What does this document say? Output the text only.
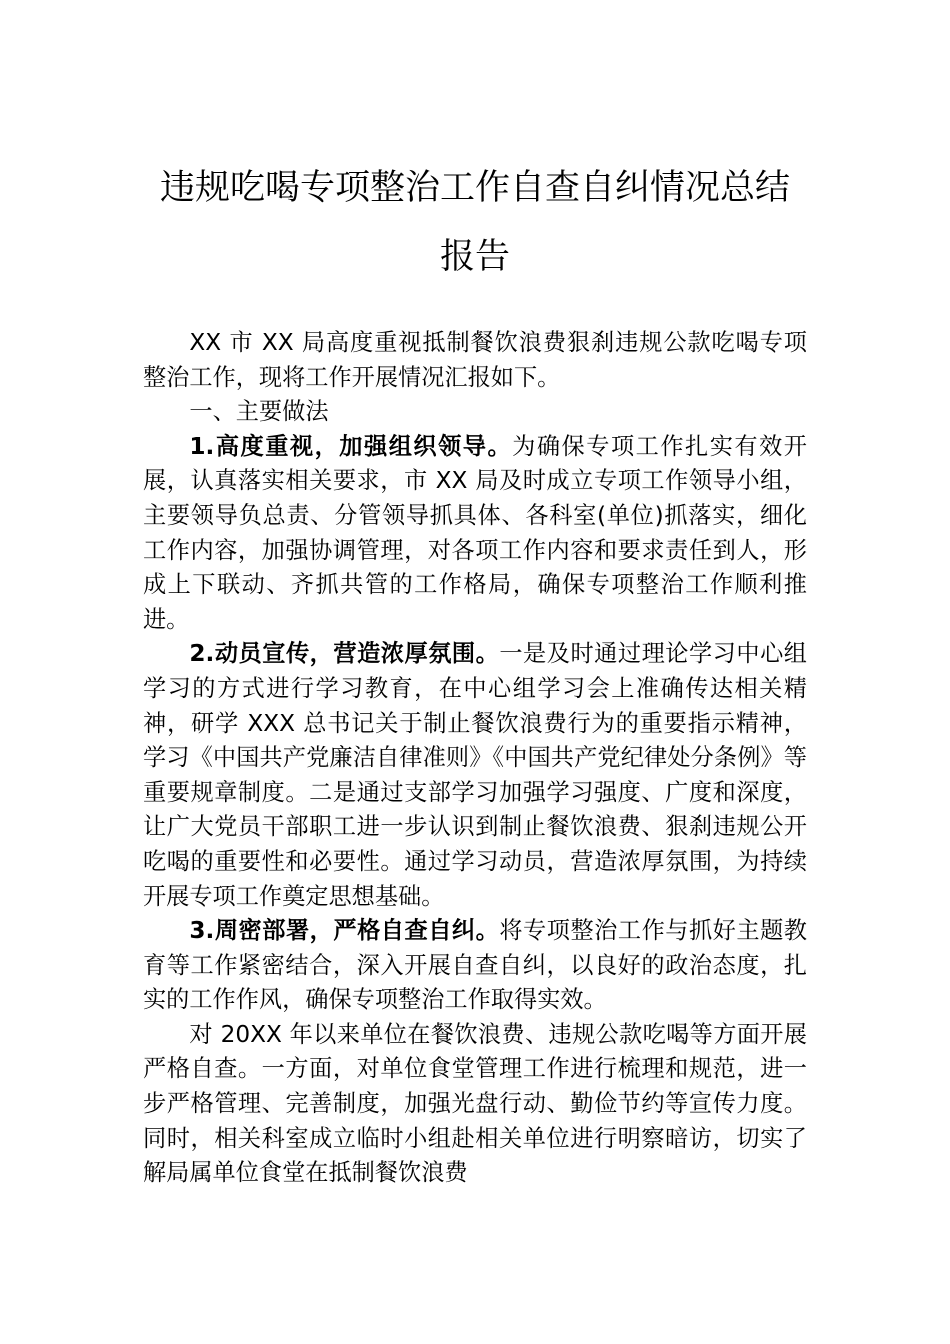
违规吃喝专项整治工作自查自纠情况总结
报告

XX 市 XX 局高度重视抵制餐饮浪费狠刹违规公款吃喝专项整治工作，现将工作开展情况汇报如下。

一、主要做法

1.高度重视，加强组织领导。为确保专项工作扎实有效开展，认真落实相关要求，市 XX 局及时成立专项工作领导小组，主要领导负总责、分管领导抓具体、各科室(单位)抓落实，细化工作内容，加强协调管理，对各项工作内容和要求责任到人，形成上下联动、齐抓共管的工作格局，确保专项整治工作顺利推进。

2.动员宣传，营造浓厚氛围。一是及时通过理论学习中心组学习的方式进行学习教育，在中心组学习会上准确传达相关精神，研学 XXX 总书记关于制止餐饮浪费行为的重要指示精神，学习《中国共产党廉洁自律准则》《中国共产党纪律处分条例》等重要规章制度。二是通过支部学习加强学习强度、广度和深度，让广大党员干部职工进一步认识到制止餐饮浪费、狠刹违规公开吃喝的重要性和必要性。通过学习动员，营造浓厚氛围，为持续开展专项工作奠定思想基础。

3.周密部署，严格自查自纠。将专项整治工作与抓好主题教育等工作紧密结合，深入开展自查自纠，以良好的政治态度，扎实的工作作风，确保专项整治工作取得实效。

对 20XX 年以来单位在餐饮浪费、违规公款吃喝等方面开展严格自查。一方面，对单位食堂管理工作进行梳理和规范，进一步严格管理、完善制度，加强光盘行动、勤俭节约等宣传力度。同时，相关科室成立临时小组赴相关单位进行明察暗访，切实了解局属单位食堂在抵制餐饮浪费
